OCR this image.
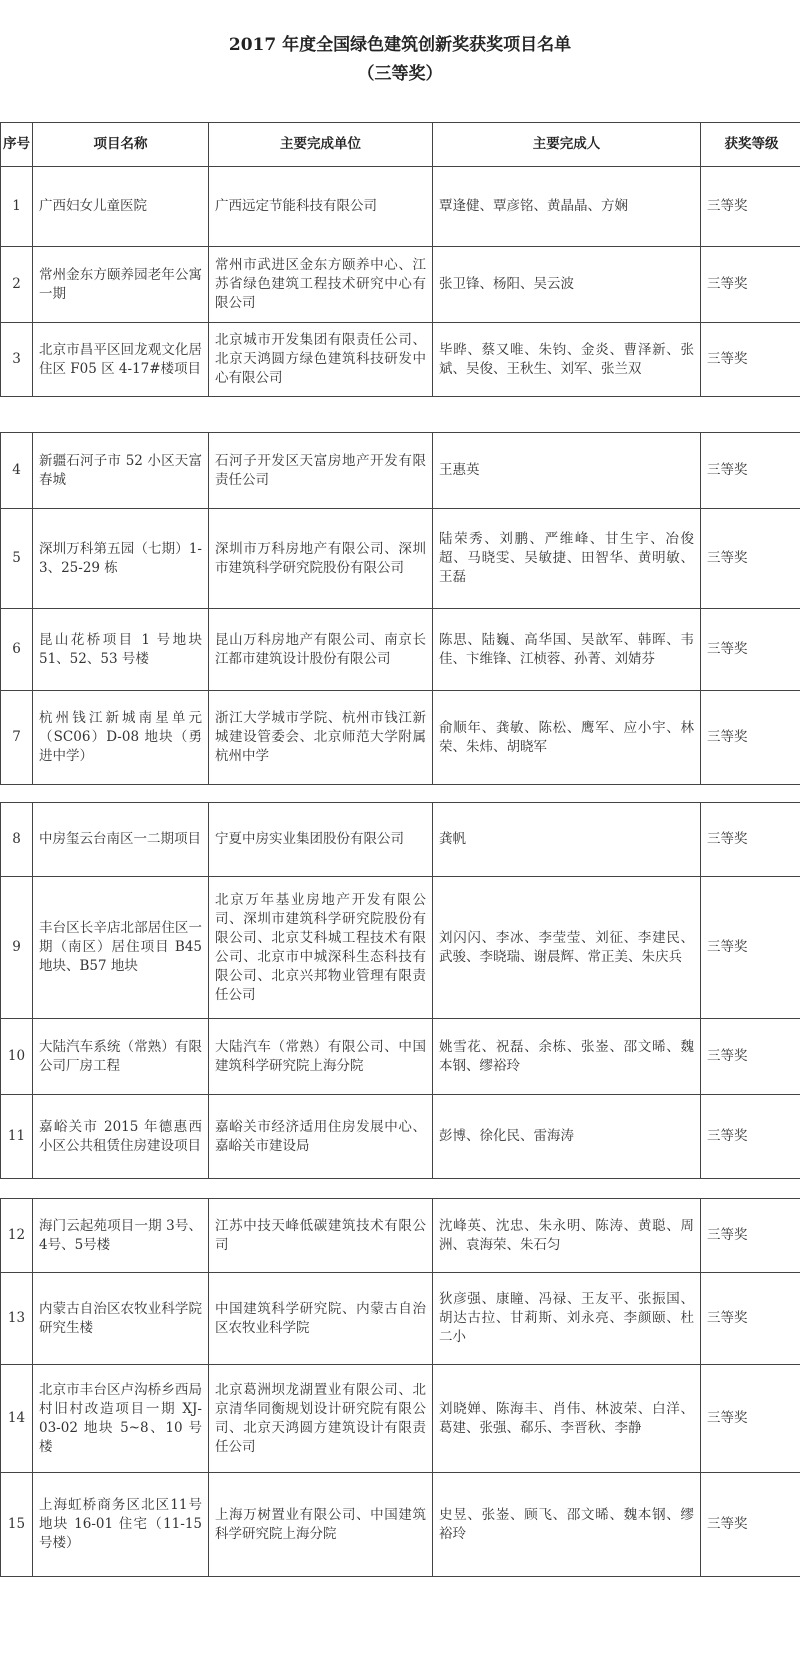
2017 年度全国绿色建筑创新奖获奖项目名单
（三等奖）
序号	项目名称	主要完成单位	主要完成人	获奖等级
1	广西妇女儿童医院	广西远定节能科技有限公司	覃逢健、覃彦铭、黄晶晶、方娴	三等奖
2	常州金东方颐养园老年公寓一期	常州市武进区金东方颐养中心、江苏省绿色建筑工程技术研究中心有限公司	张卫锋、杨阳、吴云波	三等奖
3	北京市昌平区回龙观文化居住区 F05 区 4-17#楼项目	北京城市开发集团有限责任公司、北京天鸿圆方绿色建筑科技研发中心有限公司	毕晔、蔡又唯、朱钧、金炎、曹泽新、张斌、吴俊、王秋生、刘军、张兰双	三等奖
4	新疆石河子市 52 小区天富春城	石河子开发区天富房地产开发有限责任公司	王惠英	三等奖
5	深圳万科第五园（七期）1-3、25-29 栋	深圳市万科房地产有限公司、深圳市建筑科学研究院股份有限公司	陆荣秀、刘鹏、严维峰、甘生宇、冶俊超、马晓雯、吴敏捷、田智华、黄明敏、王磊	三等奖
6	昆山花桥项目 1 号地块 51、52、53 号楼	昆山万科房地产有限公司、南京长江都市建筑设计股份有限公司	陈思、陆巍、高华国、吴歆军、韩晖、韦佳、卞维锋、江桢蓉、孙菁、刘婧芬	三等奖
7	杭州钱江新城南星单元（SC06）D-08 地块（勇进中学）	浙江大学城市学院、杭州市钱江新城建设管委会、北京师范大学附属杭州中学	俞顺年、龚敏、陈松、鹰军、应小宇、林荣、朱炜、胡晓军	三等奖
8	中房玺云台南区一二期项目	宁夏中房实业集团股份有限公司	龚帆	三等奖
9	丰台区长辛店北部居住区一期（南区）居住项目 B45 地块、B57 地块	北京万年基业房地产开发有限公司、深圳市建筑科学研究院股份有限公司、北京艾科城工程技术有限公司、北京市中城深科生态科技有限公司、北京兴邦物业管理有限责任公司	刘闪闪、李冰、李莹莹、刘征、李建民、武骏、李晓瑞、谢晨辉、常正美、朱庆兵	三等奖
10	大陆汽车系统（常熟）有限公司厂房工程	大陆汽车（常熟）有限公司、中国建筑科学研究院上海分院	姚雪花、祝磊、余栋、张崟、邵文晞、魏本钢、缪裕玲	三等奖
11	嘉峪关市 2015 年德惠西小区公共租赁住房建设项目	嘉峪关市经济适用住房发展中心、嘉峪关市建设局	彭博、徐化民、雷海涛	三等奖
12	海门云起苑项目一期 3号、4号、5号楼	江苏中技天峰低碳建筑技术有限公司	沈峰英、沈忠、朱永明、陈涛、黄聪、周洲、袁海荣、朱石匀	三等奖
13	内蒙古自治区农牧业科学院研究生楼	中国建筑科学研究院、内蒙古自治区农牧业科学院	狄彦强、康瞳、冯禄、王友平、张振国、胡达古拉、甘莉斯、刘永亮、李颜颐、杜二小	三等奖
14	北京市丰台区卢沟桥乡西局村旧村改造项目一期 XJ-03-02 地块 5~8、10 号楼	北京葛洲坝龙湖置业有限公司、北京清华同衡规划设计研究院有限公司、北京天鸿圆方建筑设计有限责任公司	刘晓婵、陈海丰、肖伟、林波荣、白洋、葛建、张强、郗乐、李晋秋、李静	三等奖
15	上海虹桥商务区北区11号地块 16-01 住宅（11-15 号楼）	上海万树置业有限公司、中国建筑科学研究院上海分院	史昱、张崟、顾飞、邵文晞、魏本钢、缪裕玲	三等奖
